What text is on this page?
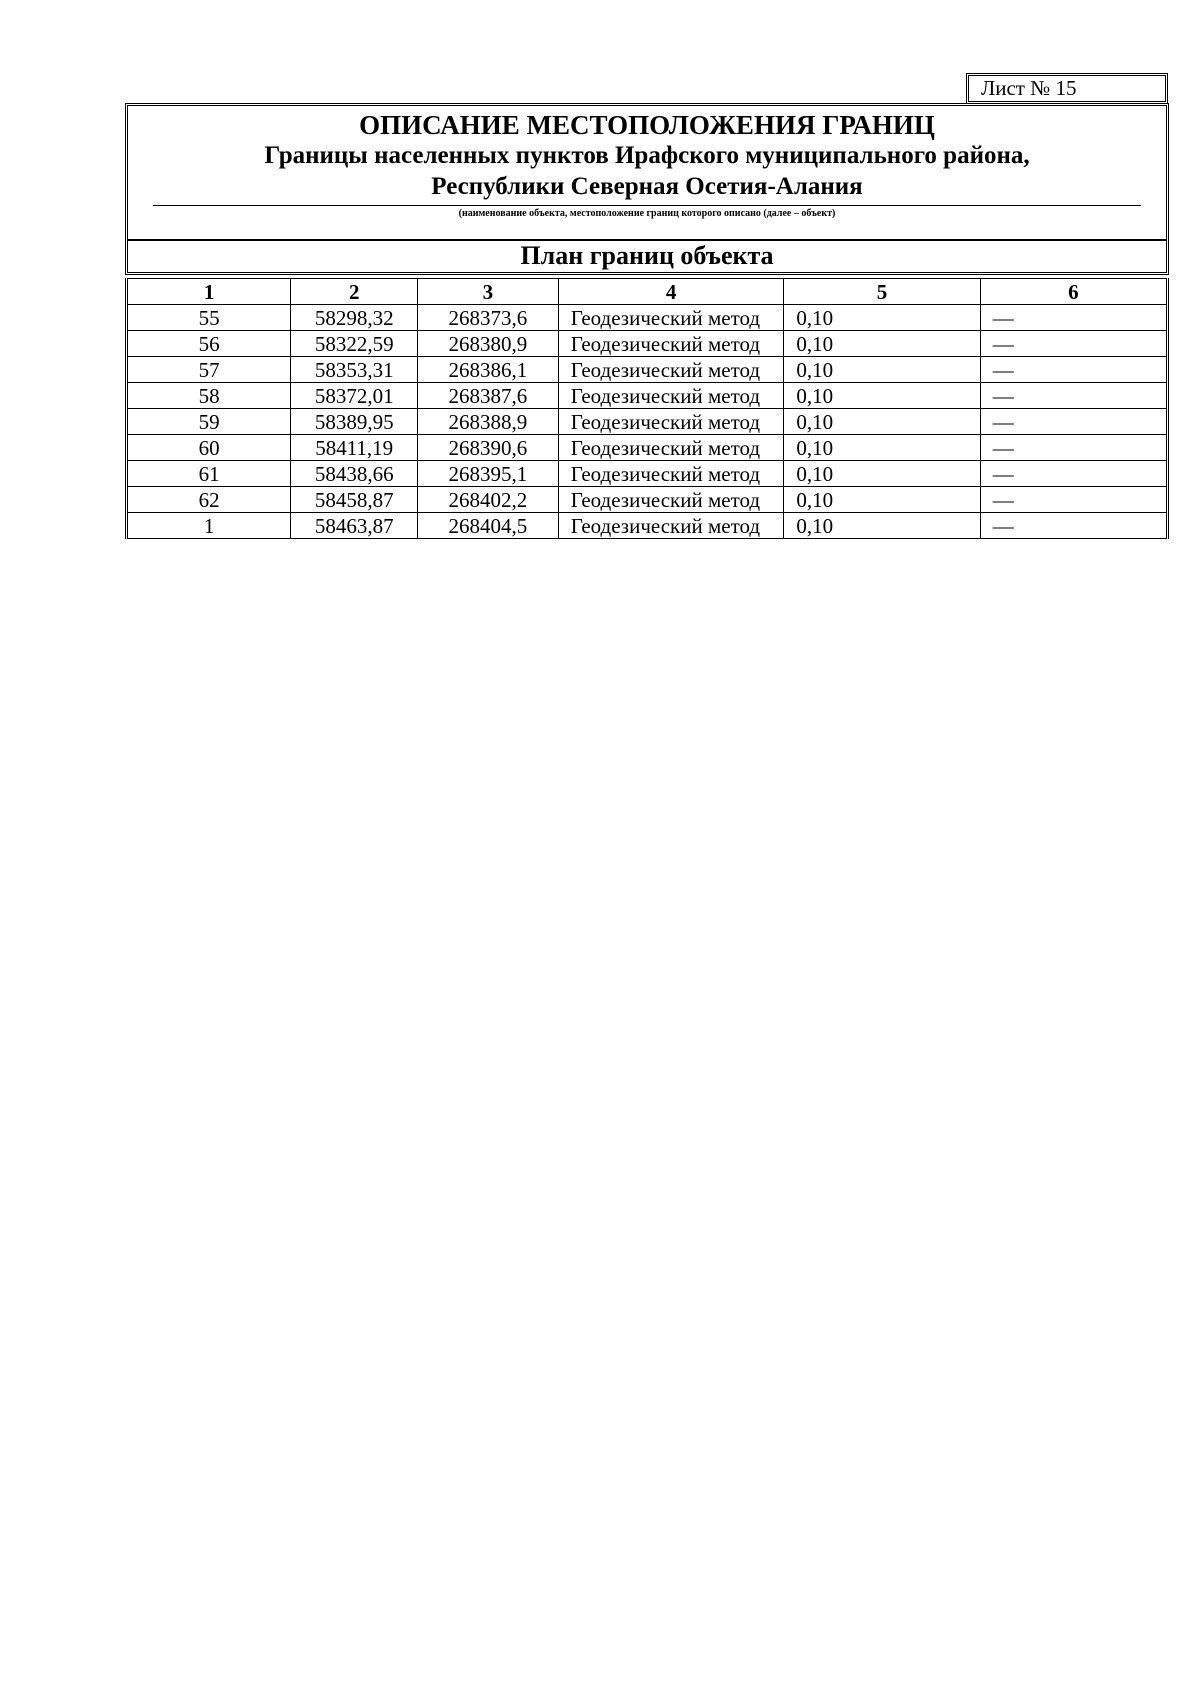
Лист № 15
ОПИСАНИЕ МЕСТОПОЛОЖЕНИЯ ГРАНИЦ
Границы населенных пунктов Ирафского муниципального района,
Республики Северная Осетия-Алания
(наименование объекта, местоположение границ которого описано (далее – объект)
План границ объекта
1	2	3	4	5	6
55	58298,32	268373,6	Геодезический метод	0,10	—
56	58322,59	268380,9	Геодезический метод	0,10	—
57	58353,31	268386,1	Геодезический метод	0,10	—
58	58372,01	268387,6	Геодезический метод	0,10	—
59	58389,95	268388,9	Геодезический метод	0,10	—
60	58411,19	268390,6	Геодезический метод	0,10	—
61	58438,66	268395,1	Геодезический метод	0,10	—
62	58458,87	268402,2	Геодезический метод	0,10	—
1	58463,87	268404,5	Геодезический метод	0,10	—
